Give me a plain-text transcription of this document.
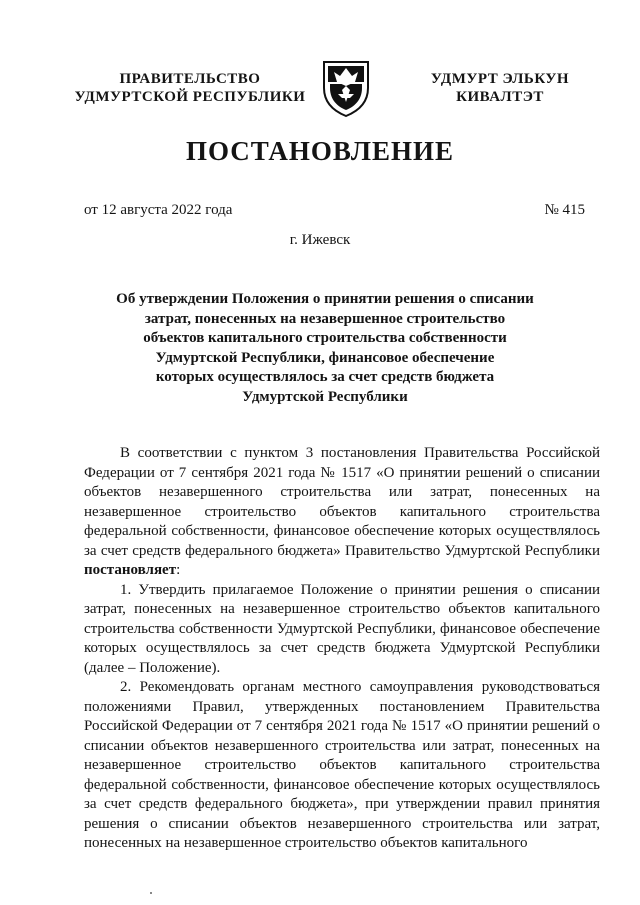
ПРАВИТЕЛЬСТВО
УДМУРТСКОЙ РЕСПУБЛИКИ
УДМУРТ ЭЛЬКУН
КИВАЛТЭТ
ПОСТАНОВЛЕНИЕ
от 12 августа 2022 года	№ 415
г. Ижевск
Об утверждении Положения о принятии решения о списании
затрат, понесенных на незавершенное строительство
объектов капитального строительства собственности
Удмуртской Республики, финансовое обеспечение
которых осуществлялось за счет средств бюджета
Удмуртской Республики

В соответствии с пунктом 3 постановления Правительства Российской Федерации от 7 сентября 2021 года № 1517 «О принятии решений о списании объектов незавершенного строительства или затрат, понесенных на незавершенное строительство объектов капитального строительства федеральной собственности, финансовое обеспечение которых осуществлялось за счет средств федерального бюджета» Правительство Удмуртской Республики постановляет:

1. Утвердить прилагаемое Положение о принятии решения о списании затрат, понесенных на незавершенное строительство объектов капитального строительства собственности Удмуртской Республики, финансовое обеспечение которых осуществлялось за счет средств бюджета Удмуртской Республики (далее – Положение).

2. Рекомендовать органам местного самоуправления руководствоваться положениями Правил, утвержденных постановлением Правительства Российской Федерации от 7 сентября 2021 года № 1517 «О принятии решений о списании объектов незавершенного строительства или затрат, понесенных на незавершенное строительство объектов капитального строительства федеральной собственности, финансовое обеспечение которых осуществлялось за счет средств федерального бюджета», при утверждении правил принятия решения о списании объектов незавершенного строительства или затрат, понесенных на незавершенное строительство объектов капитального
